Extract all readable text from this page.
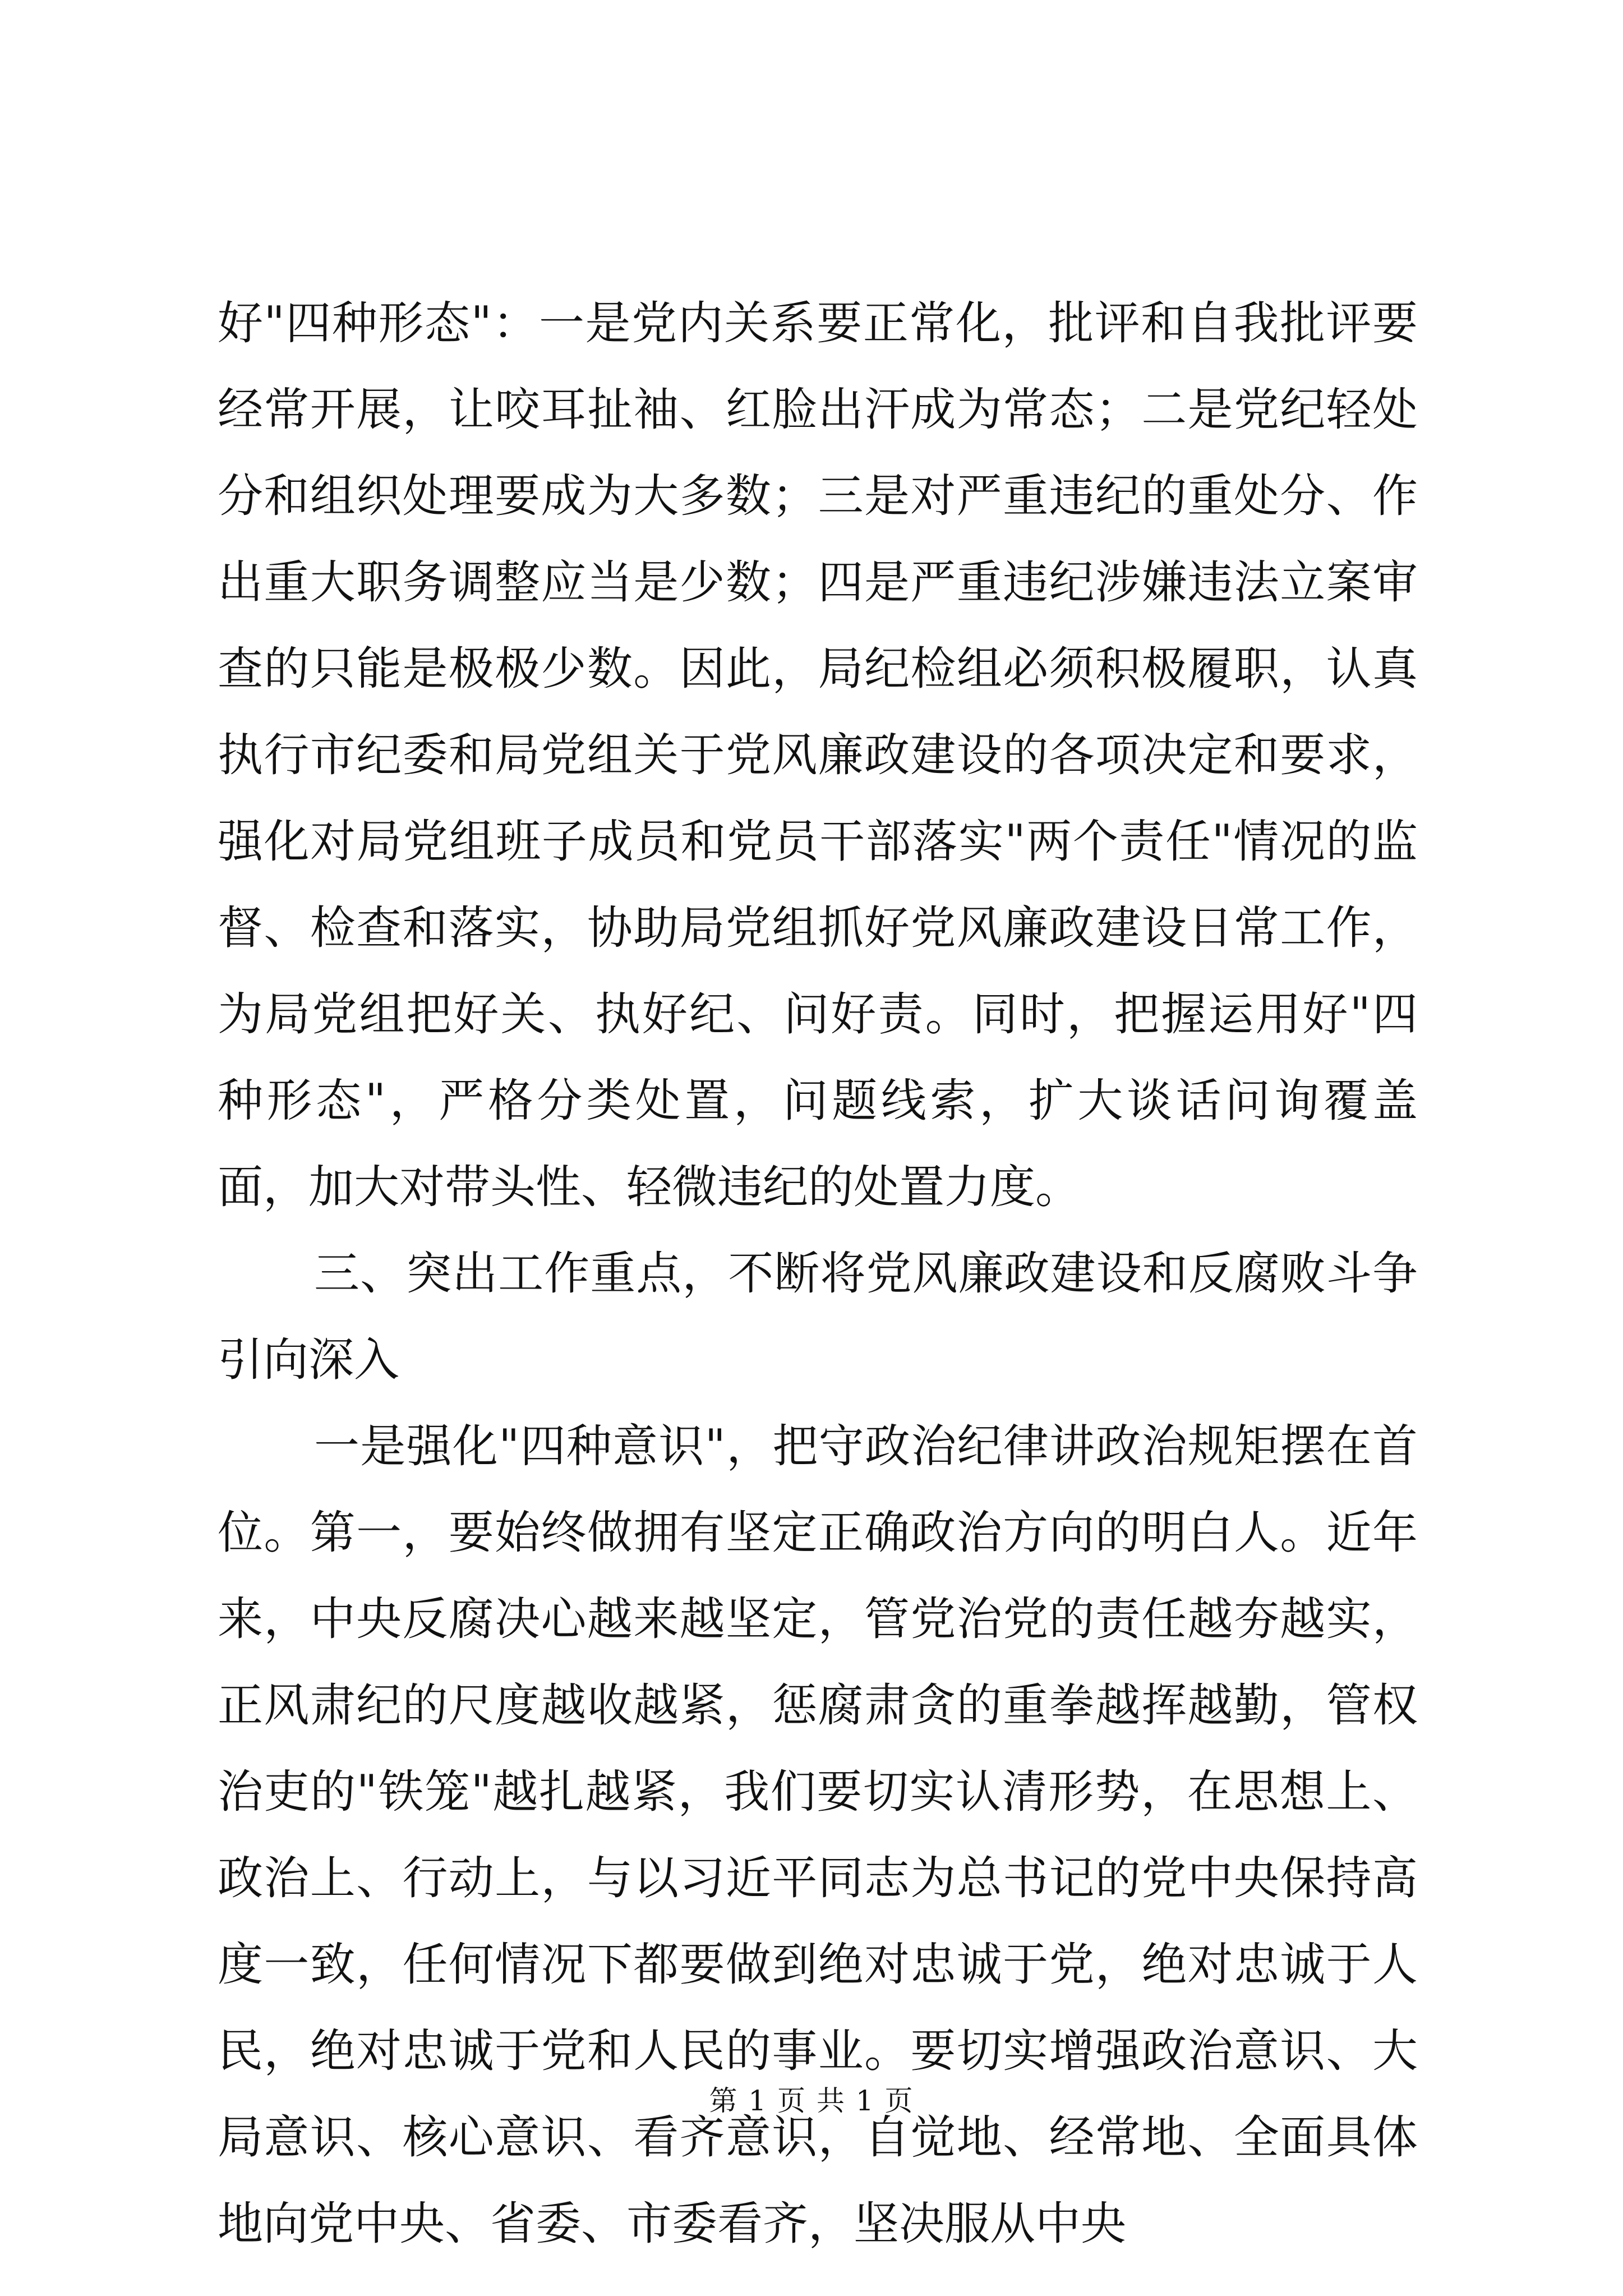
好"四种形态"：一是党内关系要正常化，批评和自我批评要经常开展，让咬耳扯袖、红脸出汗成为常态；二是党纪轻处分和组织处理要成为大多数；三是对严重违纪的重处分、作出重大职务调整应当是少数；四是严重违纪涉嫌违法立案审查的只能是极极少数。因此，局纪检组必须积极履职，认真执行市纪委和局党组关于党风廉政建设的各项决定和要求，强化对局党组班子成员和党员干部落实"两个责任"情况的监督、检查和落实，协助局党组抓好党风廉政建设日常工作，为局党组把好关、执好纪、问好责。同时，把握运用好"四种形态"，严格分类处置，问题线索，扩大谈话问询覆盖面，加大对带头性、轻微违纪的处置力度。

三、突出工作重点，不断将党风廉政建设和反腐败斗争引向深入

一是强化"四种意识"，把守政治纪律讲政治规矩摆在首位。第一，要始终做拥有坚定正确政治方向的明白人。近年来，中央反腐决心越来越坚定，管党治党的责任越夯越实，正风肃纪的尺度越收越紧，惩腐肃贪的重拳越挥越勤，管权治吏的"铁笼"越扎越紧，我们要切实认清形势，在思想上、政治上、行动上，与以习近平同志为总书记的党中央保持高度一致，任何情况下都要做到绝对忠诚于党，绝对忠诚于人民，绝对忠诚于党和人民的事业。要切实增强政治意识、大局意识、核心意识、看齐意识，自觉地、经常地、全面具体地向党中央、省委、市委看齐，坚决服从中央

第 1 页 共 1 页
